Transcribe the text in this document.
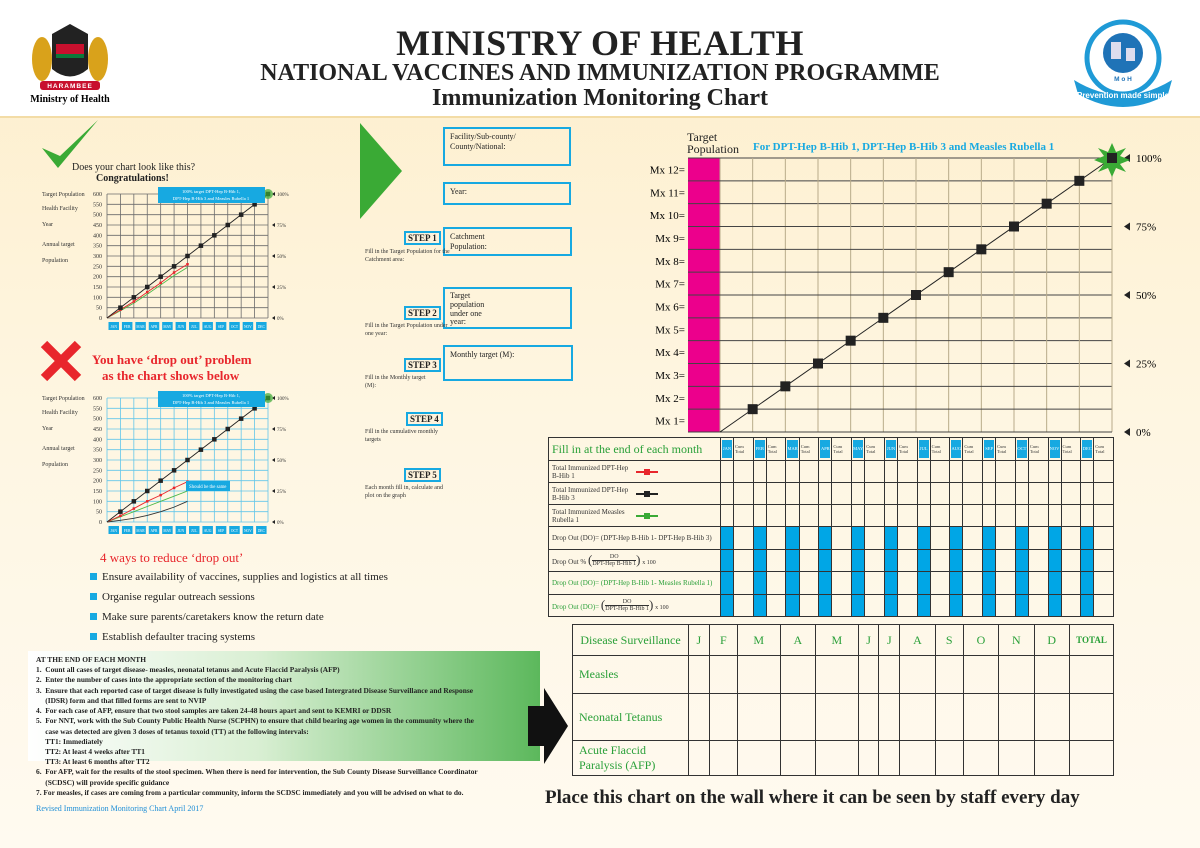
HARAMBEE
Ministry of Health
MINISTRY OF HEALTH
NATIONAL VACCINES AND IMMUNIZATION PROGRAMME
Immunization Monitoring Chart
M o H
Prevention made simple
Does your chart look like this?
Congratulations!
Target Population
Health Facility
Year
Annual target
Population
0
50
100
150
200
250
300
350
400
450
500
550
600
0%
25%
50%
75%
100%
JAN FEB MAR APR MAY JUN JUL AUG SEP OCT NOV DEC
100% target DPT-Hep B-Hib 1,
DPT-Hep B-Hib 3 and Measles Rubella 1
You have ‘drop out’ problem
as the chart shows below
Target Population
Health Facility
Year
Annual target
Population
0
50
100
150
200
250
300
350
400
450
500
550
600
0%
25%
50%
75%
100%
JAN FEB MAR APR MAY JUN JUL AUG SEP OCT NOV DEC
100% target DPT-Hep B-Hib 1,
DPT-Hep B-Hib 3 and Measles Rubella 1
Should be the same
4 ways to reduce ‘drop out’
Ensure availability of vaccines, supplies and logistics at all times
Organise regular outreach sessions
Make sure parents/caretakers know the return date
Establish defaulter tracing systems
AT THE END OF EACH MONTH
1.  Count all cases of target disease- measles, neonatal tetanus and Acute Flaccid Paralysis (AFP)
2.  Enter the number of cases into the appropriate section of the monitoring chart
3.  Ensure that each reported case of target disease is fully investigated using the case based Intergrated Disease Surveillance and Response
(IDSR) form and that filled forms are sent to NVIP
4.  For each case of AFP, ensure that two stool samples are taken 24-48 hours apart and sent to KEMRI or DDSR
5.  For NNT, work with the Sub County Public Health Nurse (SCPHN) to ensure that child bearing age women in the community where the
case was detected are given 3 doses of tetanus toxoid (TT) at the following intervals:
TT1: Immediately
TT2: At least 4 weeks after TT1
TT3: At least 6 months after TT2
6.  For AFP, wait for the results of the stool specimen. When there is need for intervention, the Sub County Disease Surveillance Coordinator
(SCDSC) will provide specific guidance
7. For measles, if cases are coming from a particular community, inform the SCDSC immediately and you will be advised on what to do.
Revised Immunization Monitoring Chart April 2017
Facility/Sub-county/ County/National:
Year:
Catchment Population:
Target population under one year:
Monthly target (M):
STEP 1
Fill in the Target Population for the Catchment area:
STEP 2
Fill in the Target Population under one year:
STEP 3
Fill in the Monthly target (M):
STEP 4
Fill in the cumulative monthly targets
STEP 5
Each month fill in, calculate and plot on the graph
Target Population	For DPT-Hep B-Hib 1, DPT-Hep B-Hib 3 and Measles Rubella 1
Mx 12=
Mx 11=
Mx 10=
Mx 9=
Mx 8=
Mx 7=
Mx 6=
Mx 5=
Mx 4=
Mx 3=
Mx 2=
Mx 1=
100%
75%
50%
25%
0%
Fill in at the end of each month	JAN	Cum Total	FEB	Cum Total	MAR	Cum Total	APR	Cum Total	MAY	Cum Total	JUN	Cum Total	JUL	Cum Total	AUG	Cum Total	SEP	Cum Total	OCT	Cum Total	NOV	Cum Total	DEC	Cum Total
Total Immunized DPT-Hep B-Hib 1																								
Total Immunized DPT-Hep B-Hib 3																								
Total Immunized Measles Rubella 1																								
Drop Out (DO)= (DPT-Hep B-Hib 1- DPT-Hep B-Hib 3)																								
Drop Out % ( DO
DPT-Hep B-Hib 1 ) x 100																								
Drop Out (DO)= (DPT-Hep B-Hib 1- Measles Rubella 1)																								
Drop Out (DO)= ( DO
DPT-Hep B-Hib 1 ) x 100																								
Disease Surveillance	J	F	M	A	M	J	J	A	S	O	N	D	TOTAL
Measles													
Neonatal Tetanus													
Acute Flaccid Paralysis (AFP)													
Place this chart on the wall where it can be seen by staff every day
